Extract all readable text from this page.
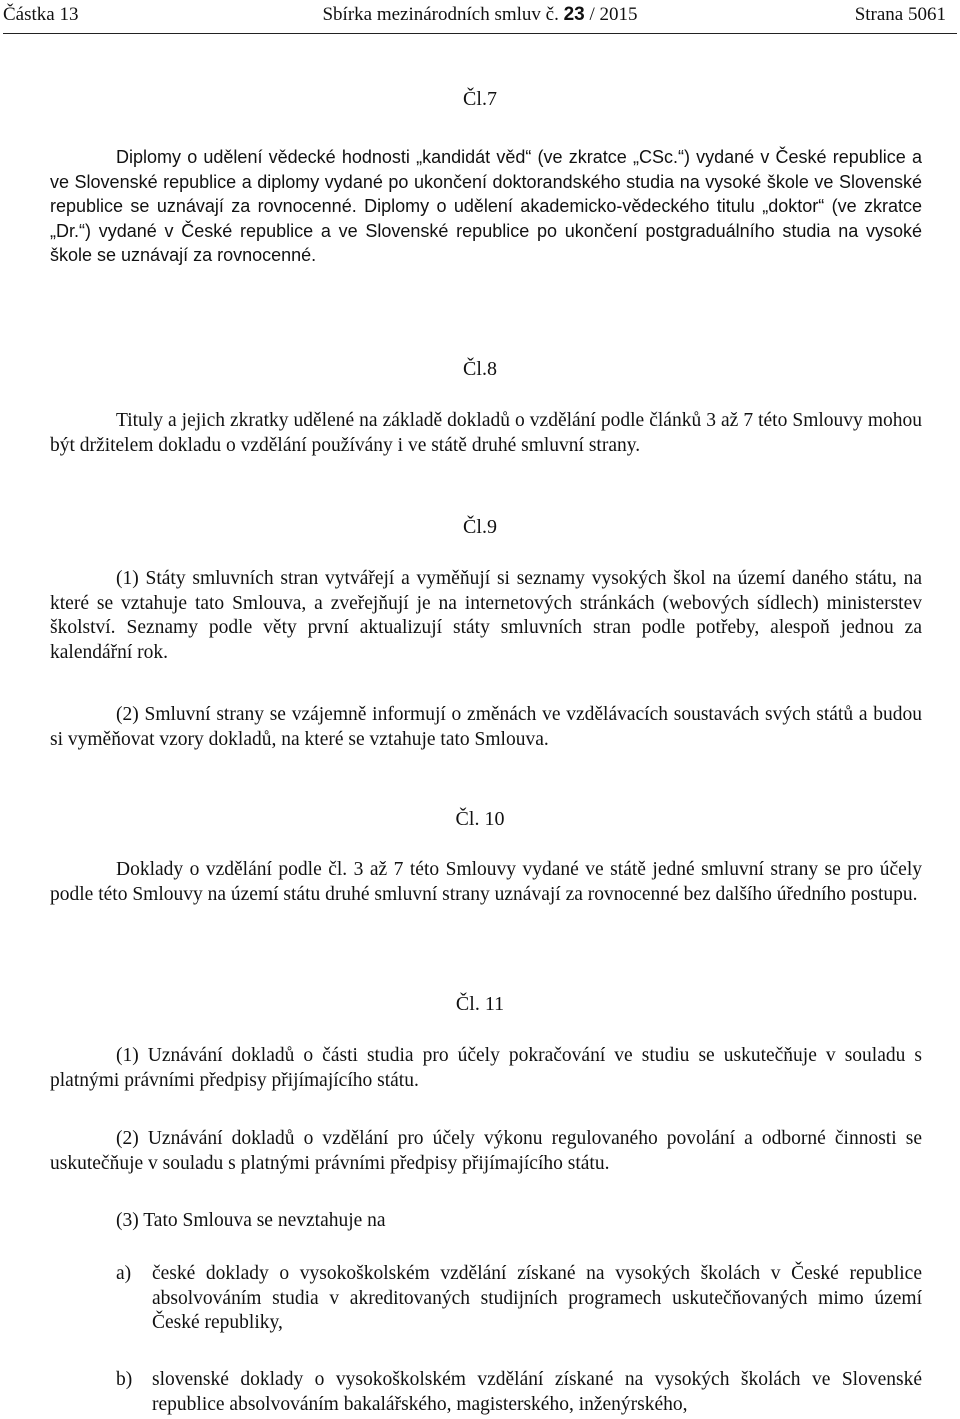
Částka 13	Sbírka mezinárodních smluv č. 23 / 2015	Strana 5061
Čl.7
Diplomy o udělení vědecké hodnosti „kandidát věd“ (ve zkratce „CSc.“) vydané v České republice a ve Slovenské republice a diplomy vydané po ukončení doktorandského studia na vysoké škole ve Slovenské republice se uznávají za rovnocenné. Diplomy o udělení akademicko-vědeckého titulu „doktor“ (ve zkratce „Dr.“) vydané v České republice a ve Slovenské republice po ukončení postgraduálního studia na vysoké škole se uznávají za rovnocenné.
Čl.8
Tituly a jejich zkratky udělené na základě dokladů o vzdělání podle článků 3 až 7 této Smlouvy mohou být držitelem dokladu o vzdělání používány i ve státě druhé smluvní strany.
Čl.9
(1) Státy smluvních stran vytvářejí a vyměňují si seznamy vysokých škol na území daného státu, na které se vztahuje tato Smlouva, a zveřejňují je na internetových stránkách (webových sídlech) ministerstev školství. Seznamy podle věty první aktualizují státy smluvních stran podle potřeby, alespoň jednou za kalendářní rok.
(2) Smluvní strany se vzájemně informují o změnách ve vzdělávacích soustavách svých států a budou si vyměňovat vzory dokladů, na které se vztahuje tato Smlouva.
Čl. 10
Doklady o vzdělání podle čl. 3 až 7 této Smlouvy vydané ve státě jedné smluvní strany se pro účely podle této Smlouvy na území státu druhé smluvní strany uznávají za rovnocenné bez dalšího úředního postupu.
Čl. 11
(1) Uznávání dokladů o části studia pro účely pokračování ve studiu se uskutečňuje v souladu s platnými právními předpisy přijímajícího státu.
(2) Uznávání dokladů o vzdělání pro účely výkonu regulovaného povolání a odborné činnosti se uskutečňuje v souladu s platnými právními předpisy přijímajícího státu.
(3) Tato Smlouva se nevztahuje na
a) české doklady o vysokoškolském vzdělání získané na vysokých školách v České republice absolvováním studia v akreditovaných studijních programech uskutečňovaných mimo území České republiky,
b) slovenské doklady o vysokoškolském vzdělání získané na vysokých školách ve Slovenské republice absolvováním bakalářského, magisterského, inženýrského,
